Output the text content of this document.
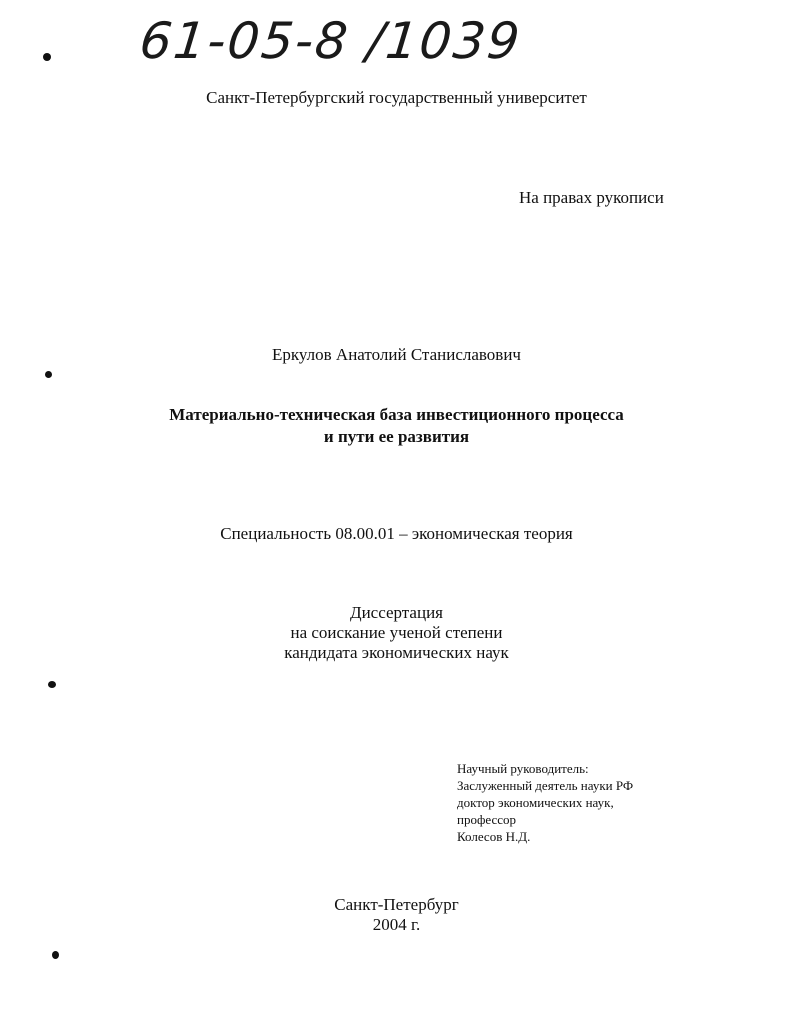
61-05-8 /1039
Санкт-Петербургский государственный университет
На правах рукописи
Еркулов Анатолий Станиславович
Материально-техническая база инвестиционного процесса
и пути ее развития
Специальность 08.00.01 – экономическая теория
Диссертация
на соискание ученой степени
кандидата экономических наук
Научный руководитель:
Заслуженный деятель науки РФ
доктор экономических наук,
профессор
Колесов Н.Д.
Санкт-Петербург
2004 г.
